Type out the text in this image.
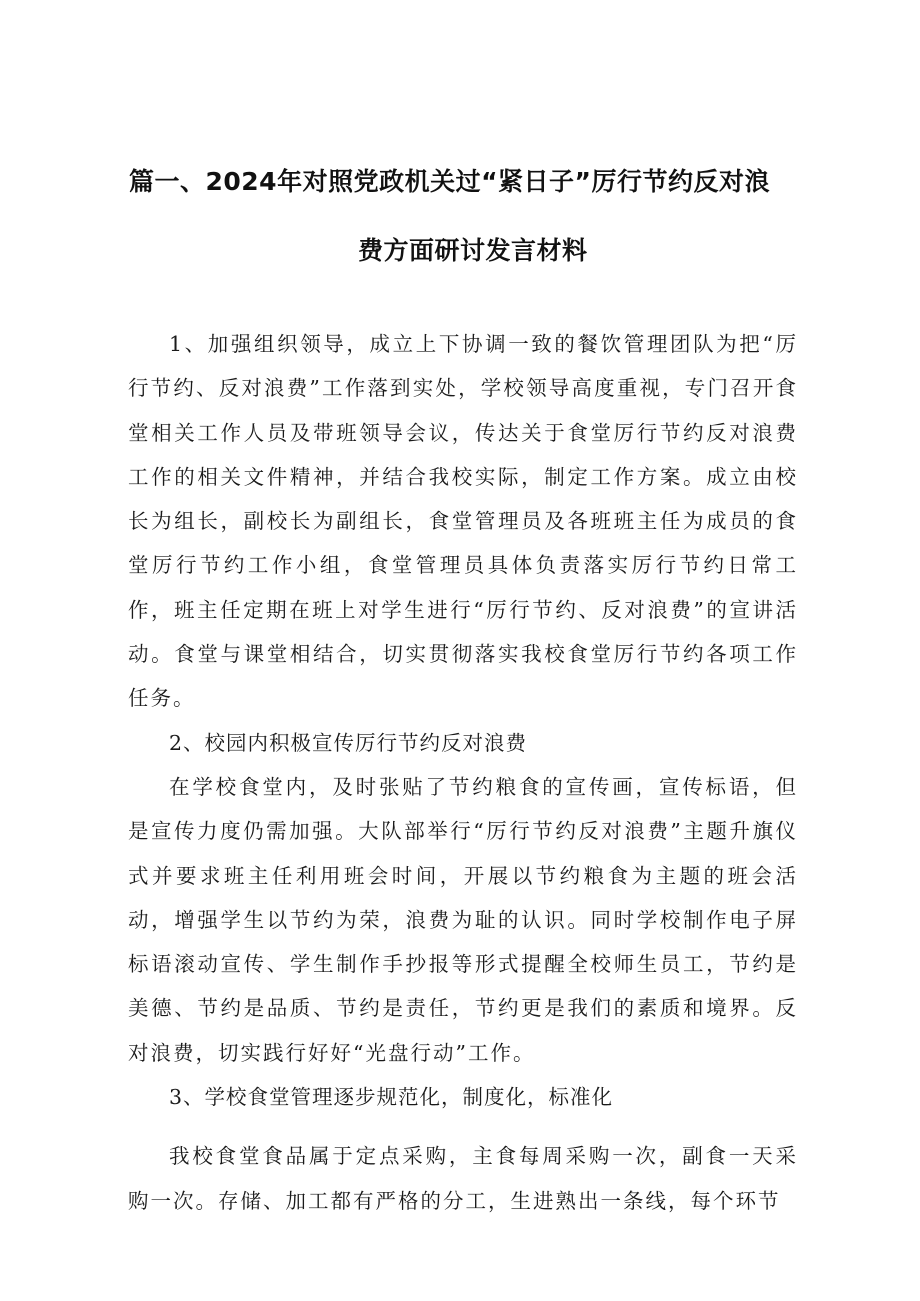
篇一、2024年对照党政机关过“紧日子”厉行节约反对浪
费方面研讨发言材料

1、加强组织领导，成立上下协调一致的餐饮管理团队为把“厉行节约、反对浪费”工作落到实处，学校领导高度重视，专门召开食堂相关工作人员及带班领导会议，传达关于食堂厉行节约反对浪费工作的相关文件精神，并结合我校实际，制定工作方案。成立由校长为组长，副校长为副组长，食堂管理员及各班班主任为成员的食堂厉行节约工作小组，食堂管理员具体负责落实厉行节约日常工作，班主任定期在班上对学生进行“厉行节约、反对浪费”的宣讲活动。食堂与课堂相结合，切实贯彻落实我校食堂厉行节约各项工作任务。

2、校园内积极宣传厉行节约反对浪费

在学校食堂内，及时张贴了节约粮食的宣传画，宣传标语，但是宣传力度仍需加强。大队部举行“厉行节约反对浪费”主题升旗仪式并要求班主任利用班会时间，开展以节约粮食为主题的班会活动，增强学生以节约为荣，浪费为耻的认识。同时学校制作电子屏标语滚动宣传、学生制作手抄报等形式提醒全校师生员工，节约是美德、节约是品质、节约是责任，节约更是我们的素质和境界。反对浪费，切实践行好好“光盘行动”工作。

3、学校食堂管理逐步规范化，制度化，标准化

我校食堂食品属于定点采购，主食每周采购一次，副食一天采购一次。存储、加工都有严格的分工，生进熟出一条线，每个环节
